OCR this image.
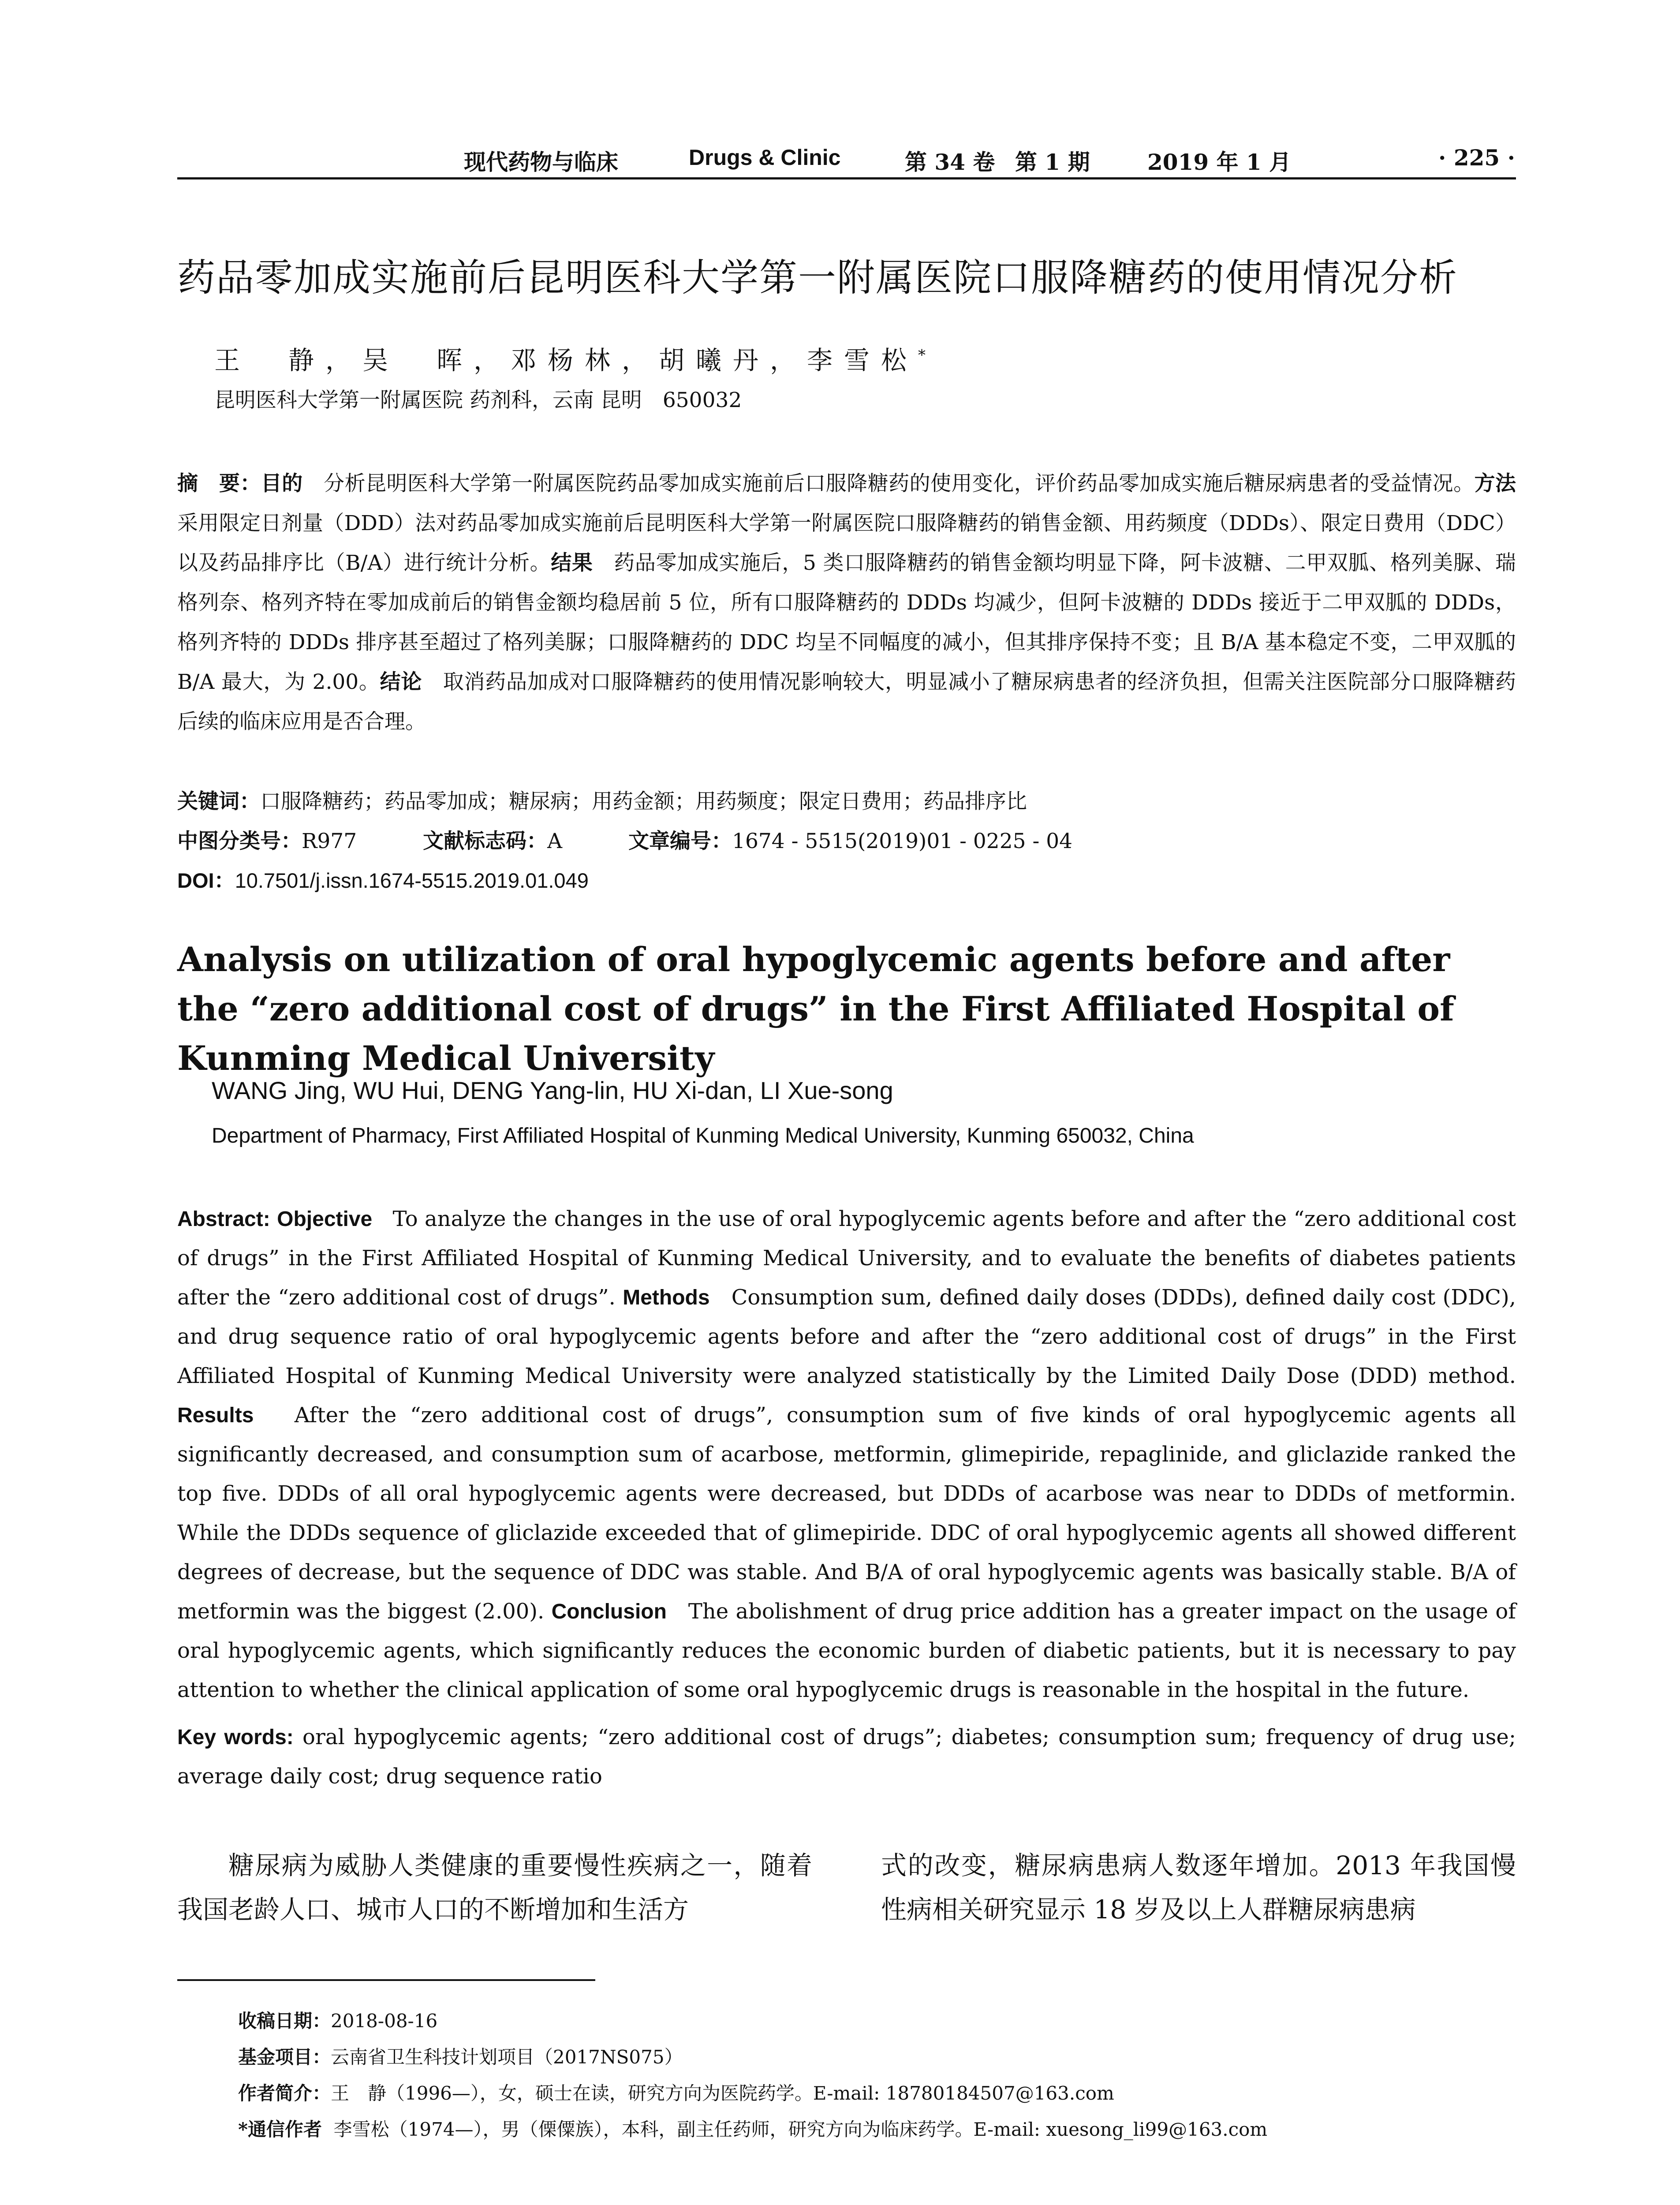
现代药物与临床	Drugs & Clinic	第 34 卷 第 1 期	2019 年 1 月	· 225 ·
药品零加成实施前后昆明医科大学第一附属医院口服降糖药的使用情况分析
王　静，吴　晖，邓杨林，胡曦丹，李雪松*
昆明医科大学第一附属医院 药剂科，云南 昆明　650032
摘　要：目的　 分析昆明医科大学第一附属医院药品零加成实施前后口服降糖药的使用变化，评价药品零加成实施后糖尿病患者的受益情况。方法　采用限定日剂量（DDD）法对药品零加成实施前后昆明医科大学第一附属医院口服降糖药的销售金额、用药频度（DDDs）、限定日费用（DDC）以及药品排序比（B/A）进行统计分析。结果　 药品零加成实施后，5 类口服降糖药的销售金额均明显下降，阿卡波糖、二甲双胍、格列美脲、瑞格列奈、格列齐特在零加成前后的销售金额均稳居前 5 位，所有口服降糖药的 DDDs 均减少，但阿卡波糖的 DDDs 接近于二甲双胍的 DDDs，格列齐特的 DDDs 排序甚至超过了格列美脲；口服降糖药的 DDC 均呈不同幅度的减小，但其排序保持不变；且 B/A 基本稳定不变，二甲双胍的 B/A 最大，为 2.00。结论　 取消药品加成对口服降糖药的使用情况影响较大，明显减小了糖尿病患者的经济负担，但需关注医院部分口服降糖药后续的临床应用是否合理。
关键词：口服降糖药；药品零加成；糖尿病；用药金额；用药频度；限定日费用；药品排序比
中图分类号：R977	文献标志码：A	文章编号：1674 - 5515(2019)01 - 0225 - 04
DOI：10.7501/j.issn.1674-5515.2019.01.049
Analysis on utilization of oral hypoglycemic agents before and after the “zero additional cost of drugs” in the First Affiliated Hospital of Kunming Medical University
WANG Jing, WU Hui, DENG Yang-lin, HU Xi-dan, LI Xue-song
Department of Pharmacy, First Affiliated Hospital of Kunming Medical University, Kunming 650032, China
Abstract: Objective To analyze the changes in the use of oral hypoglycemic agents before and after the “zero additional cost of drugs” in the First Affiliated Hospital of Kunming Medical University, and to evaluate the benefits of diabetes patients after the “zero additional cost of drugs”. Methods Consumption sum, defined daily doses (DDDs), defined daily cost (DDC), and drug sequence ratio of oral hypoglycemic agents before and after the “zero additional cost of drugs” in the First Affiliated Hospital of Kunming Medical University were analyzed statistically by the Limited Daily Dose (DDD) method. Results After the “zero additional cost of drugs”, consumption sum of five kinds of oral hypoglycemic agents all significantly decreased, and consumption sum of acarbose, metformin, glimepiride, repaglinide, and gliclazide ranked the top five. DDDs of all oral hypoglycemic agents were decreased, but DDDs of acarbose was near to DDDs of metformin. While the DDDs sequence of gliclazide exceeded that of glimepiride. DDC of oral hypoglycemic agents all showed different degrees of decrease, but the sequence of DDC was stable. And B/A of oral hypoglycemic agents was basically stable. B/A of metformin was the biggest (2.00). Conclusion The abolishment of drug price addition has a greater impact on the usage of oral hypoglycemic agents, which significantly reduces the economic burden of diabetic patients, but it is necessary to pay attention to whether the clinical application of some oral hypoglycemic drugs is reasonable in the hospital in the future.
Key words: oral hypoglycemic agents; “zero additional cost of drugs”; diabetes; consumption sum; frequency of drug use; average daily cost; drug sequence ratio
糖尿病为威胁人类健康的重要慢性疾病之一，随着我国老龄人口、城市人口的不断增加和生活方
式的改变，糖尿病患病人数逐年增加。2013 年我国慢性病相关研究显示 18 岁及以上人群糖尿病患病
收稿日期：2018-08-16
基金项目：云南省卫生科技计划项目（2017NS075）
作者简介：王　静（1996—），女，硕士在读，研究方向为医院药学。E-mail: 18780184507@163.com
*通信作者 李雪松（1974—），男（傈僳族），本科，副主任药师，研究方向为临床药学。E-mail: xuesong_li99@163.com
